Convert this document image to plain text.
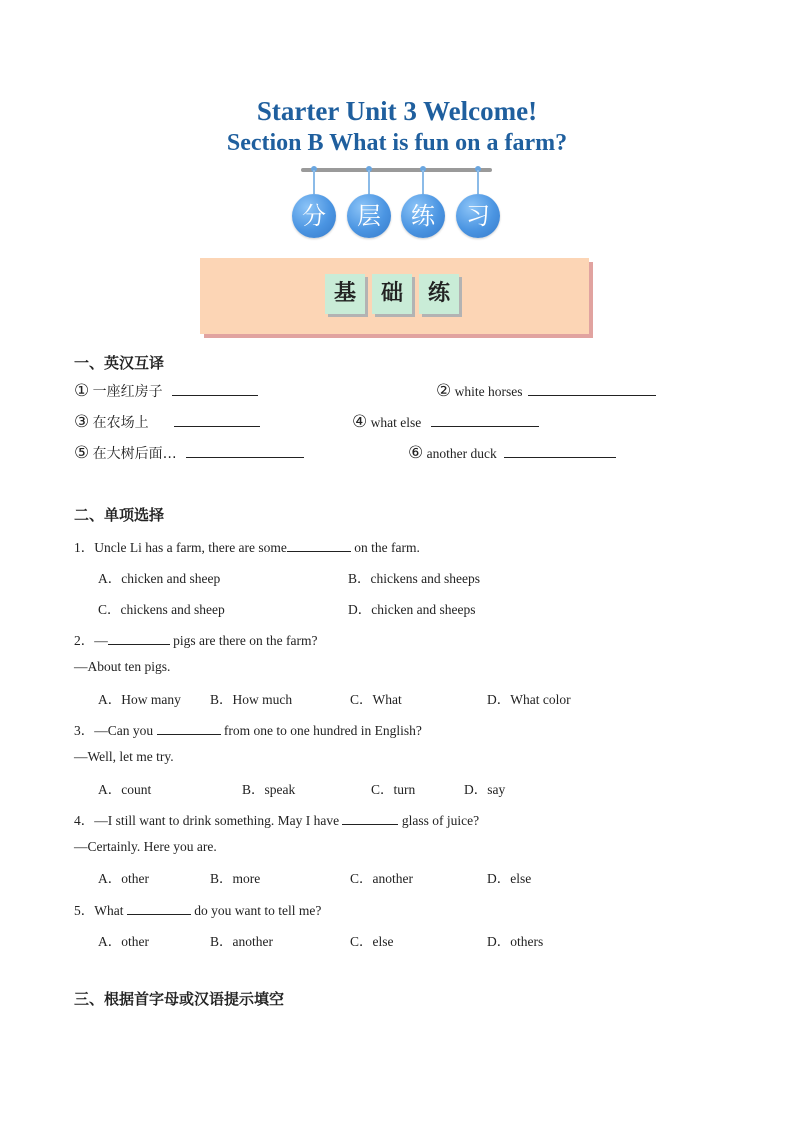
Starter Unit 3 Welcome!
Section B What is fun on a farm?
分	层	练	习
基	础	练
一、英汉互译
① 一座红房子	② white horses
③ 在农场上	④ what else
⑤ 在大树后面…	⑥ another duck
二、单项选择
1．Uncle Li has a farm, there are some	on the farm.
A．chicken and sheep	B．chickens and sheeps
C．chickens and sheep	D．chicken and sheeps
2．—	pigs are there on the farm?
—About ten pigs.
A．How many B．How much	C．What	D．What color
3．—Can you	from one to one hundred in English?
—Well, let me try.
A．count	B．speak	C．turn	D．say
4．—I still want to drink something. May I have	glass of juice?
—Certainly. Here you are.
A．other	B．more	C．another	D．else
5．What	do you want to tell me?
A．other	B．another	C．else	D．others
三、根据首字母或汉语提示填空
